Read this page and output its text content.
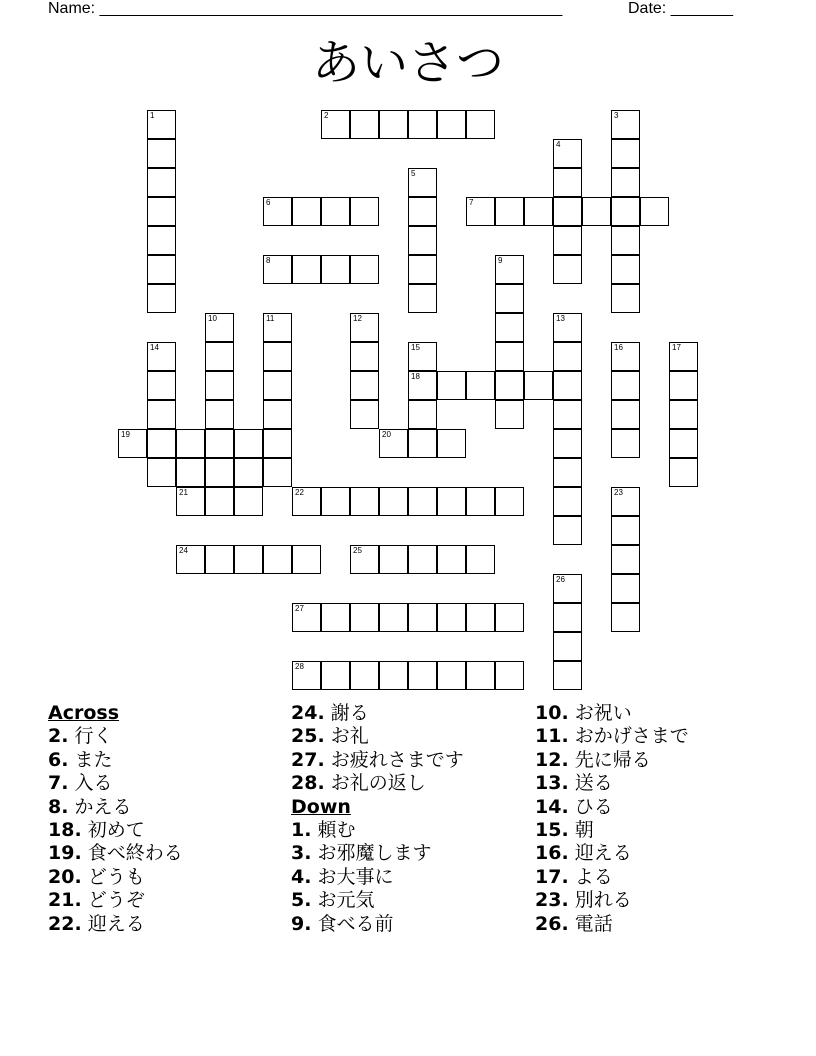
Name: ____________________________________________________	Date: _______
あいさつ
1	2	3
4
5
6	7
8	9
10	11	12	13
14	15
18
16	17
19	20
21	22	23
24	25
26
27
28
Across
2. 行く
6. また
7. 入る
8. かえる
18. 初めて
19. 食べ終わる
20. どうも
21. どうぞ
22. 迎える
24. 謝る
25. お礼
27. お疲れさまです
28. お礼の返し
Down
1. 頼む
3. お邪魔します
4. お大事に
5. お元気
9. 食べる前
10. お祝い
11. おかげさまで
12. 先に帰る
13. 送る
14. ひる
15. 朝
16. 迎える
17. よる
23. 別れる
26. 電話
